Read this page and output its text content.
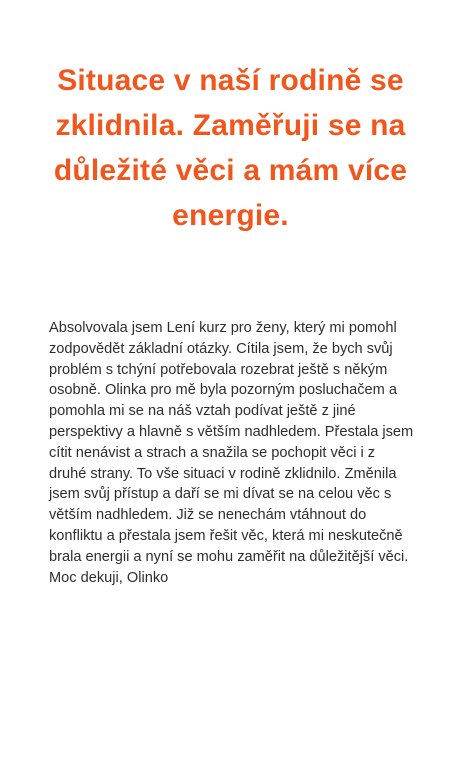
Situace v naší rodině se zklidnila. Zaměřuji se na důležité věci a mám více energie.

Absolvovala jsem Lení kurz pro ženy, který mi pomohl zodpovědět základní otázky. Cítila jsem, že bych svůj problém s tchýní potřebovala rozebrat ještě s někým osobně. Olinka pro mě byla pozorným posluchačem a pomohla mi se na náš vztah podívat ještě z jiné perspektivy a hlavně s větším nadhledem. Přestala jsem cítit nenávist a strach a snažila se pochopit věci i z druhé strany. To vše situaci v rodině zklidnilo. Změnila jsem svůj přístup a daří se mi dívat se na celou věc s větším nadhledem. Již se nenechám vtáhnout do konfliktu a přestala jsem řešit věc, která mi neskutečně brala energii a nyní se mohu zaměřit na důležitější věci. Moc dekuji, Olinko
